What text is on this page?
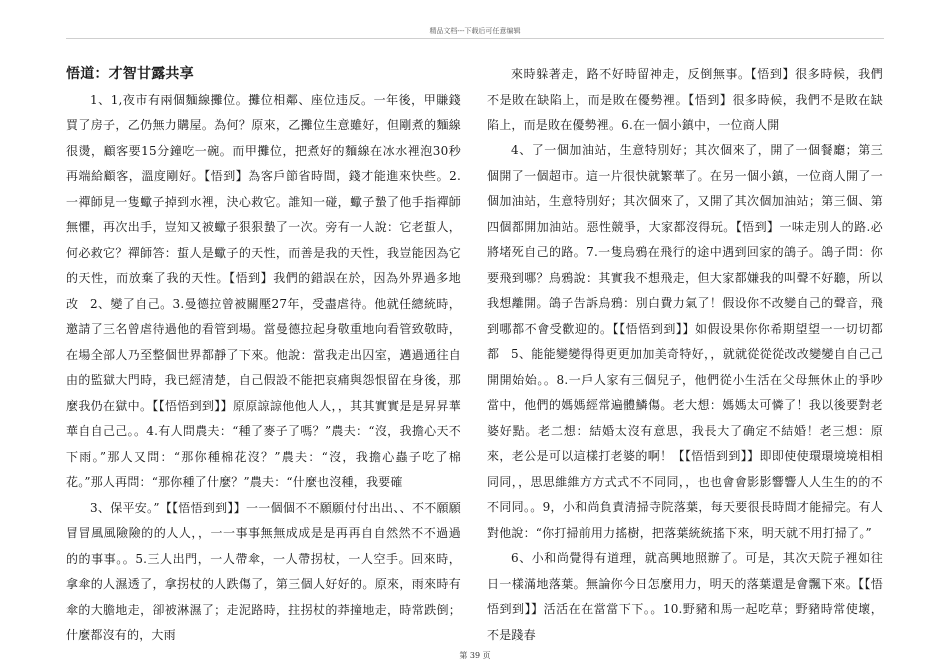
精品文档---下载后可任意编辑
悟道：才智甘露共享

1、1,夜市有兩個麵線攤位。攤位相鄰、座位违反。一年後，甲賺錢買了房子，乙仍無力購屋。為何？原來，乙攤位生意雖好，但剛煮的麵線很燙，顧客要15分鐘吃一碗。而甲攤位，把煮好的麵線在冰水裡泡30秒再端給顧客，溫度剛好。【悟到】為客戶節省時間，錢才能進來快些。2.一禪師見一隻蠍子掉到水裡，決心救它。誰知一碰，蠍子蟄了他手指禪師無懼，再次出手，豈知又被蠍子狠狠蟄了一次。旁有一人說：它老蜇人，何必救它？禪師答：蜇人是蠍子的天性，而善是我的天性，我豈能因為它的天性，而放棄了我的天性。【悟到】我們的錯誤在於，因為外界過多地改 2、變了自己。3.曼德拉曾被關壓27年，受盡虐待。他就任總統時，邀請了三名曾虐待過他的看管到場。當曼德拉起身敬重地向看管致敬時，在場全部人乃至整個世界都靜了下來。他說：當我走出囚室，邁過通往自由的監獄大門時，我已經清楚，自己假設不能把哀痛與怨恨留在身後，那麼我仍在獄中。【【悟悟到到】】原原諒諒他他人人，，其其實實是是昇昇華華自自己己。。4.有人問農夫：“種了麥子了嗎？”農夫：“沒，我擔心天不下雨。”那人又問：“那你種棉花沒？”農夫：“沒，我擔心蟲子吃了棉花。”那人再問：“那你種了什麼？”農夫：“什麼也沒種，我要確

3、保平安。”【【悟悟到到】】一一個個不不願願付付出出、、不不願願冒冒風風險險的的人人，，一一事事無無成成是是再再自自然然不不過過的的事事。。5.三人出門，一人帶傘，一人帶拐杖，一人空手。回來時，拿傘的人濕透了，拿拐杖的人跌傷了，第三個人好好的。原來，雨來時有傘的大膽地走，卻被淋濕了；走泥路時，拄拐杖的莽撞地走，時常跌倒；什麼都沒有的，大雨

來時躲著走，路不好時留神走，反倒無事。【悟到】很多時候，我們不是敗在缺陷上，而是敗在優勢裡。【悟到】很多時候，我們不是敗在缺陷上，而是敗在優勢裡。6.在一個小鎮中，一位商人開

4、了一個加油站，生意特別好；其次個來了，開了一個餐廳；第三個開了一個超市。這一片很快就繁華了。在另一個小鎮，一位商人開了一個加油站，生意特別好；其次個來了，又開了其次個加油站；第三個、第四個都開加油站。惡性競爭，大家都沒得玩。【悟到】一味走別人的路.必將堵死自己的路。7.一隻烏鴉在飛行的途中遇到回家的鴿子。鴿子問：你要飛到哪？烏鴉說：其實我不想飛走，但大家都嫌我的叫聲不好聽，所以我想離開。鴿子告訴烏鴉：別白費力氣了！假设你不改變自己的聲音，飛到哪都不會受歡迎的。【【悟悟到到】】如假设果你你希期望望一一切切都都 5、能能變變得得更更加加美奇特好，，就就從從從改改變變自自己己開開始始。。8.一戶人家有三個兒子，他們從小生活在父母無休止的爭吵當中，他們的媽媽經常遍體鱗傷。老大想：媽媽太可憐了！我以後要對老婆好點。老二想：結婚太沒有意思，我長大了确定不結婚！老三想：原來，老公是可以這樣打老婆的啊！【【悟悟到到】】即即使使環環境境相相同同，，思思維維方方式式不不同同，，也也會會影影響響人人生生的的不不同同。。9，小和尚負責清掃寺院落葉，每天要很長時間才能掃完。有人對他說：“你打掃前用力搖樹，把落葉統統搖下來，明天就不用打掃了。”

6、小和尚覺得有道理，就高興地照辦了。可是，其次天院子裡如往日一樣滿地落葉。無論你今日怎麼用力，明天的落葉還是會飄下來。【【悟悟到到】】活活在在當當下下。。10.野豬和馬一起吃草；野豬時常使壞，不是踐春

第 39 页
